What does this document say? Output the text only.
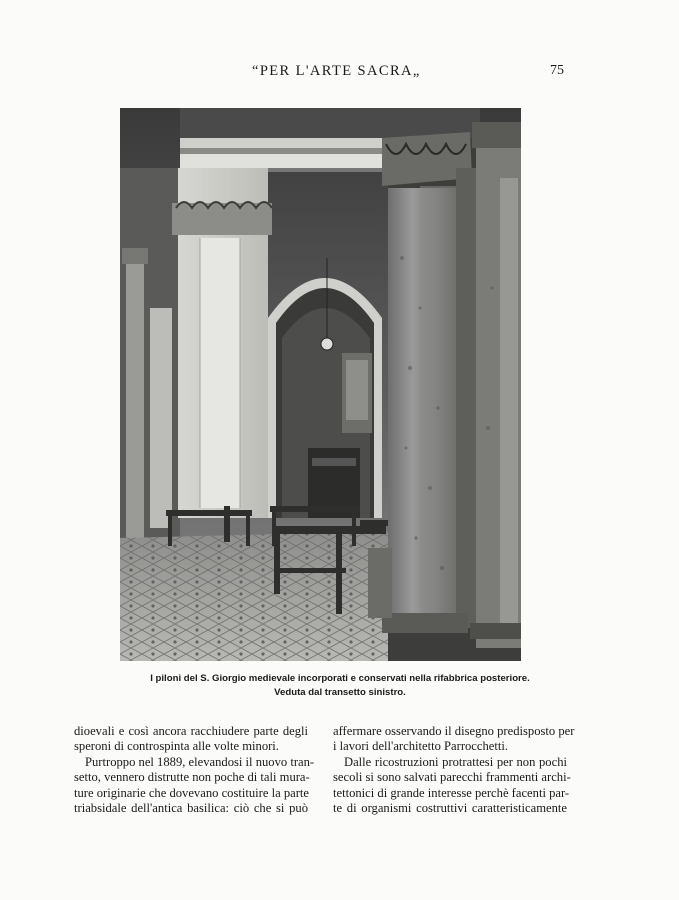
“PER L'ARTE SACRA„	75
I piloni del S. Giorgio medievale incorporati e conservati nella rifabbrica posteriore.
Veduta dal transetto sinistro.
dioevali e così ancora racchiudere parte degli
speroni di controspinta alle volte minori.
Purtroppo nel 1889, elevandosi il nuovo tran-
setto, vennero distrutte non poche di tali mura-
ture originarie che dovevano costituire la parte
triabsidale dell'antica basilica: ciò che si può
affermare osservando il disegno predisposto per
i lavori dell'architetto Parrocchetti.
Dalle ricostruzioni protrattesi per non pochi
secoli si sono salvati parecchi frammenti archi-
tettonici di grande interesse perchè facenti par-
te di organismi costruttivi caratteristicamente
